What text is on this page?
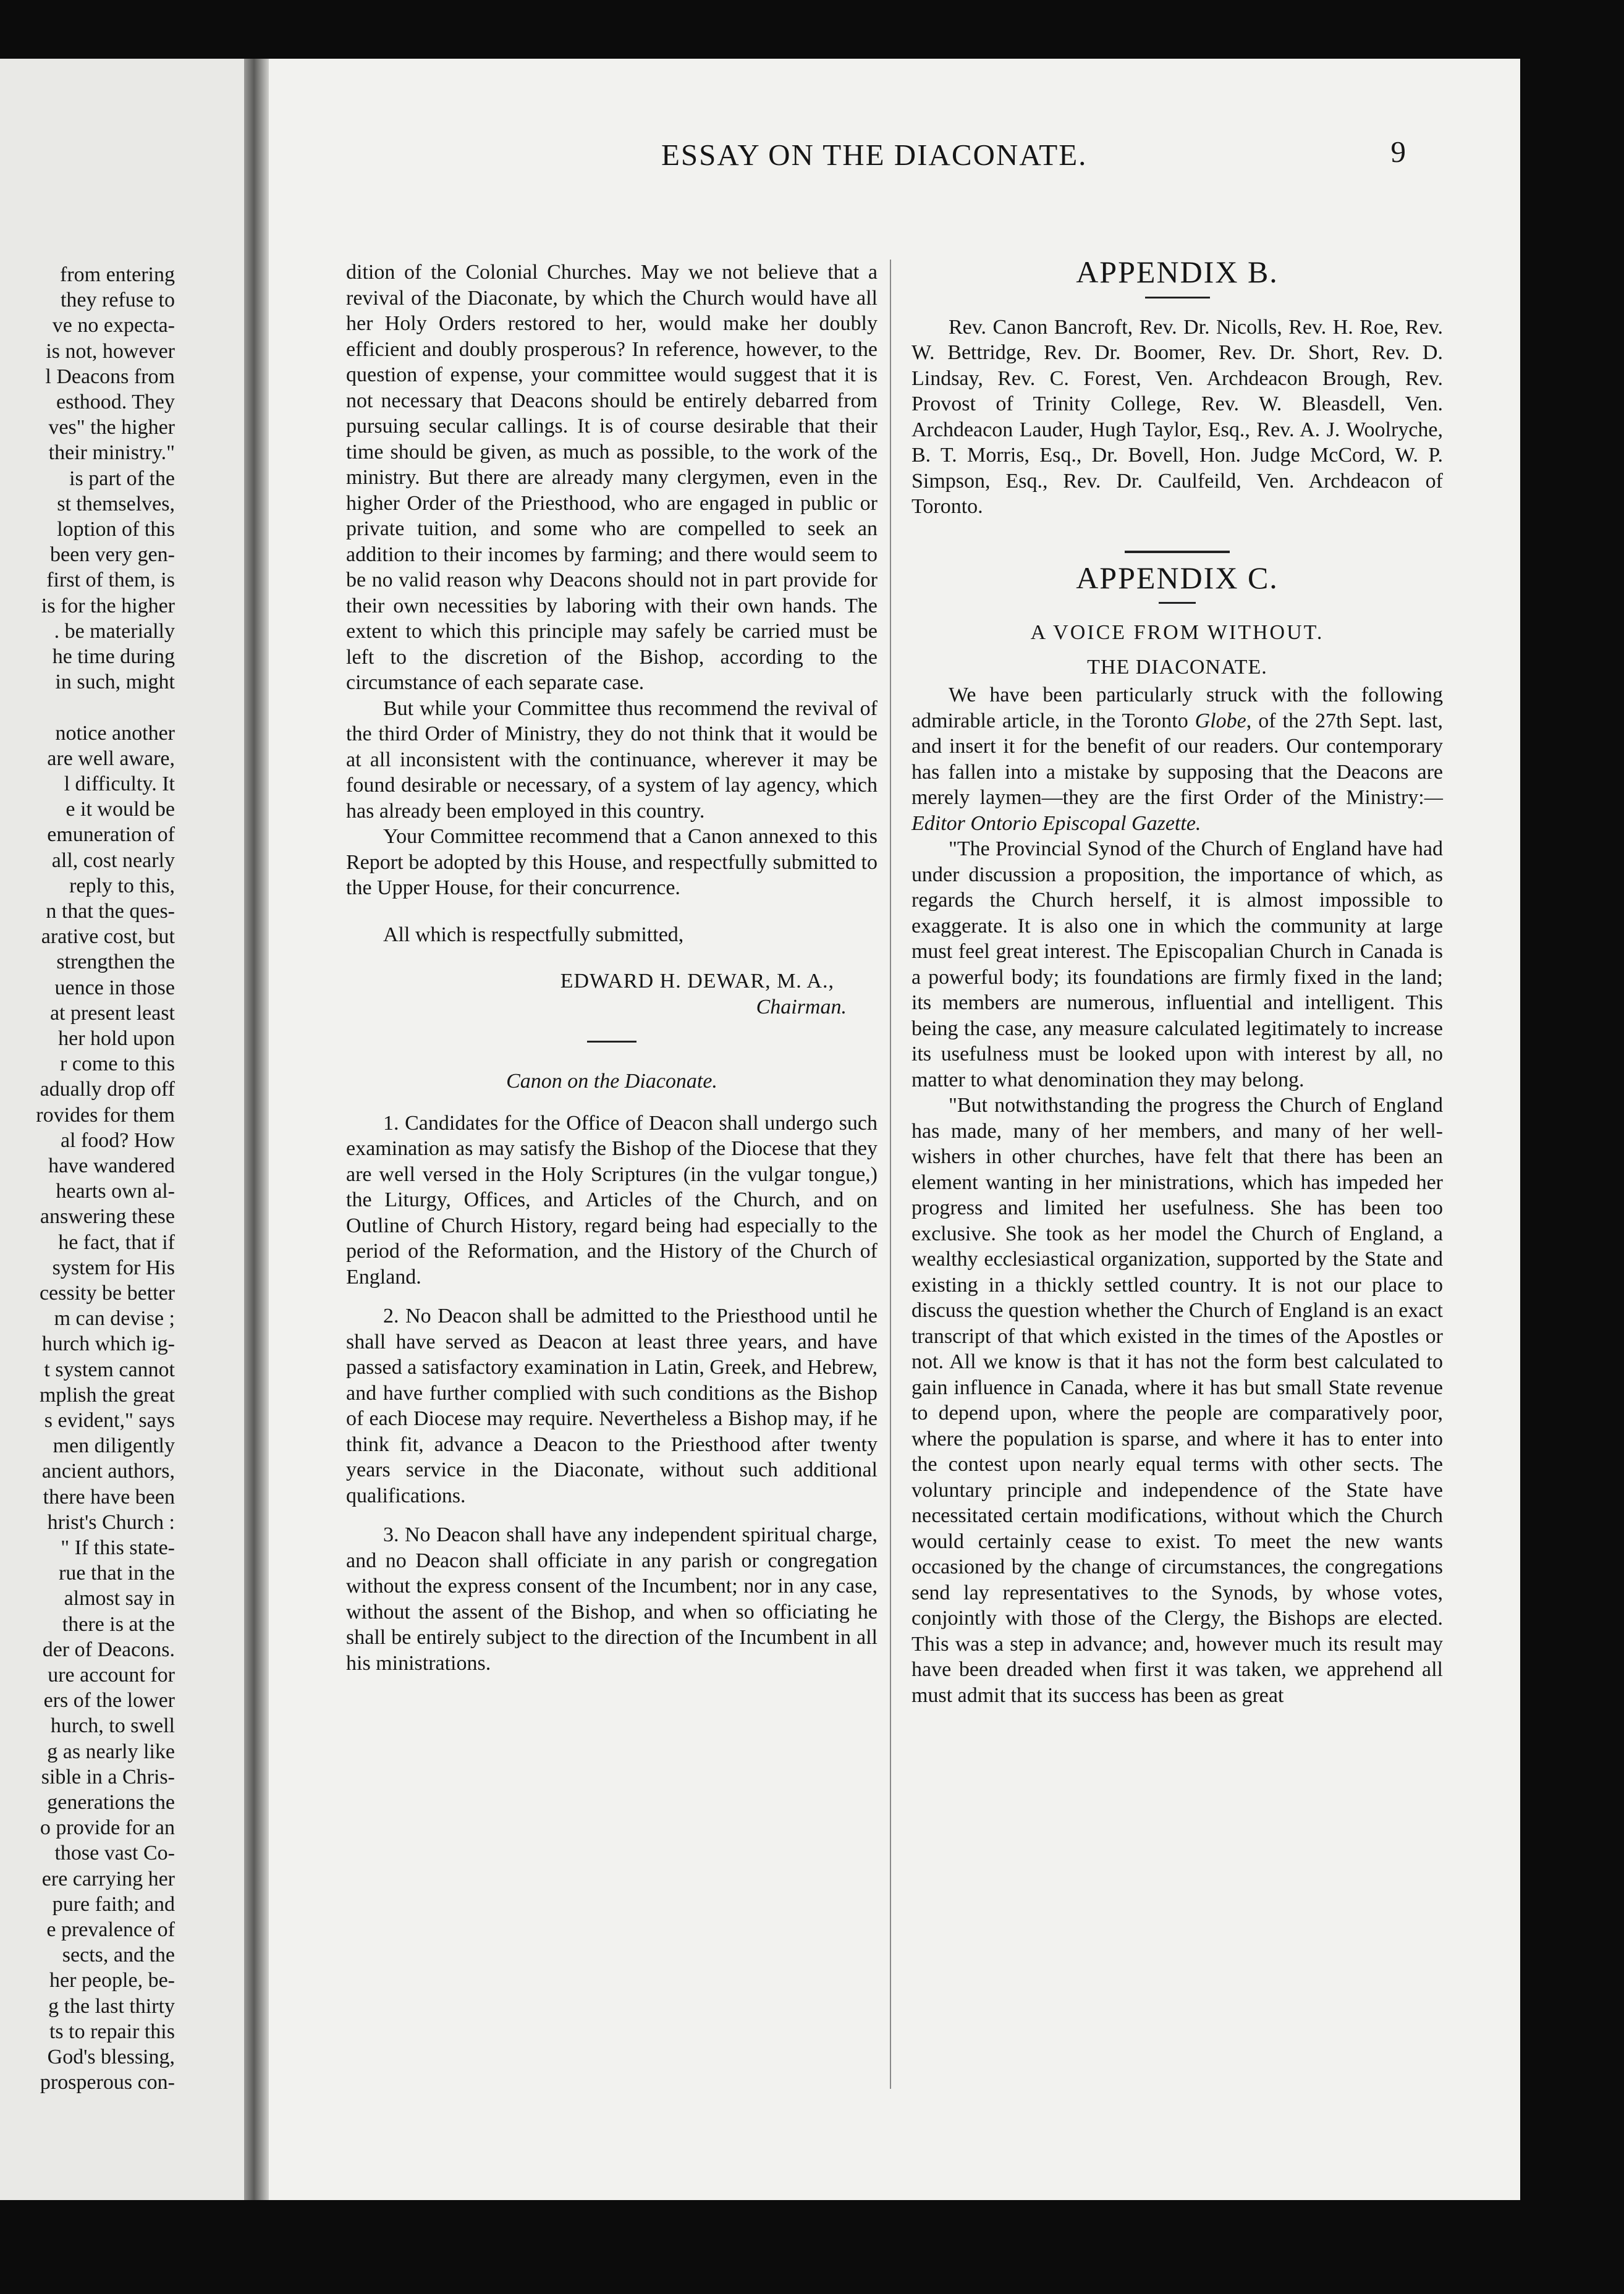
from entering
they refuse to
ve no expecta-
is not, however
l Deacons from
esthood. They
ves" the higher
their ministry."
is part of the
st themselves,
loption of this
been very gen-
first of them, is
is for the higher
. be materially
he time during
in such, might
notice another
are well aware,
l difficulty. It
e it would be
emuneration of
all, cost nearly
reply to this,
n that the ques-
arative cost, but
strengthen the
uence in those
at present least
her hold upon
r come to this
adually drop off
rovides for them
al food? How
have wandered
hearts own al-
answering these
he fact, that if
system for His
cessity be better
m can devise ;
hurch which ig-
t system cannot
mplish the great
s evident," says
men diligently
ancient authors,
there have been
hrist's Church :
" If this state-
rue that in the
almost say in
there is at the
der of Deacons.
ure account for
ers of the lower
hurch, to swell
g as nearly like
sible in a Chris-
generations the
o provide for an
those vast Co-
ere carrying her
pure faith; and
e prevalence of
sects, and the
her people, be-
g the last thirty
ts to repair this
God's blessing,
prosperous con-
ESSAY ON THE DIACONATE.	9

dition of the Colonial Churches. May we not believe that a revival of the Diaconate, by which the Church would have all her Holy Orders restored to her, would make her doubly efficient and doubly prosperous? In reference, however, to the question of expense, your committee would suggest that it is not necessary that Deacons should be entirely debarred from pursuing secular callings. It is of course desirable that their time should be given, as much as possible, to the work of the ministry. But there are already many clergymen, even in the higher Order of the Priesthood, who are engaged in public or private tuition, and some who are compelled to seek an addition to their incomes by farming; and there would seem to be no valid reason why Deacons should not in part provide for their own necessities by laboring with their own hands. The extent to which this principle may safely be carried must be left to the discretion of the Bishop, according to the circumstance of each separate case.

But while your Committee thus recommend the revival of the third Order of Ministry, they do not think that it would be at all inconsistent with the continuance, wherever it may be found desirable or necessary, of a system of lay agency, which has already been employed in this country.

Your Committee recommend that a Canon annexed to this Report be adopted by this House, and respectfully submitted to the Upper House, for their concurrence.

All which is respectfully submitted,

EDWARD H. DEWAR, M. A.,
Chairman.
Canon on the Diaconate.

1. Candidates for the Office of Deacon shall undergo such examination as may satisfy the Bishop of the Diocese that they are well versed in the Holy Scriptures (in the vulgar tongue,) the Liturgy, Offices, and Articles of the Church, and on Outline of Church History, regard being had especially to the period of the Reformation, and the History of the Church of England.

2. No Deacon shall be admitted to the Priesthood until he shall have served as Deacon at least three years, and have passed a satisfactory examination in Latin, Greek, and Hebrew, and have further complied with such conditions as the Bishop of each Diocese may require. Nevertheless a Bishop may, if he think fit, advance a Deacon to the Priesthood after twenty years service in the Diaconate, without such additional qualifications.

3. No Deacon shall have any independent spiritual charge, and no Deacon shall officiate in any parish or congregation without the express consent of the Incumbent; nor in any case, without the assent of the Bishop, and when so officiating he shall be entirely subject to the direction of the Incumbent in all his ministrations.

APPENDIX B.

Rev. Canon Bancroft, Rev. Dr. Nicolls, Rev. H. Roe, Rev. W. Bettridge, Rev. Dr. Boomer, Rev. Dr. Short, Rev. D. Lindsay, Rev. C. Forest, Ven. Archdeacon Brough, Rev. Provost of Trinity College, Rev. W. Bleasdell, Ven. Archdeacon Lauder, Hugh Taylor, Esq., Rev. A. J. Woolryche, B. T. Morris, Esq., Dr. Bovell, Hon. Judge McCord, W. P. Simpson, Esq., Rev. Dr. Caulfeild, Ven. Archdeacon of Toronto.

APPENDIX C.
A VOICE FROM WITHOUT.
THE DIACONATE.

We have been particularly struck with the following admirable article, in the Toronto Globe, of the 27th Sept. last, and insert it for the benefit of our readers. Our contemporary has fallen into a mistake by supposing that the Deacons are merely laymen—they are the first Order of the Ministry:—Editor Ontorio Episcopal Gazette.

"The Provincial Synod of the Church of England have had under discussion a proposition, the importance of which, as regards the Church herself, it is almost impossible to exaggerate. It is also one in which the community at large must feel great interest. The Episcopalian Church in Canada is a powerful body; its foundations are firmly fixed in the land; its members are numerous, influential and intelligent. This being the case, any measure calculated legitimately to increase its usefulness must be looked upon with interest by all, no matter to what denomination they may belong.

"But notwithstanding the progress the Church of England has made, many of her members, and many of her well-wishers in other churches, have felt that there has been an element wanting in her ministrations, which has impeded her progress and limited her usefulness. She has been too exclusive. She took as her model the Church of England, a wealthy ecclesiastical organization, supported by the State and existing in a thickly settled country. It is not our place to discuss the question whether the Church of England is an exact transcript of that which existed in the times of the Apostles or not. All we know is that it has not the form best calculated to gain influence in Canada, where it has but small State revenue to depend upon, where the people are comparatively poor, where the population is sparse, and where it has to enter into the contest upon nearly equal terms with other sects. The voluntary principle and independence of the State have necessitated certain modifications, without which the Church would certainly cease to exist. To meet the new wants occasioned by the change of circumstances, the congregations send lay representatives to the Synods, by whose votes, conjointly with those of the Clergy, the Bishops are elected. This was a step in advance; and, however much its result may have been dreaded when first it was taken, we apprehend all must admit that its success has been as great
